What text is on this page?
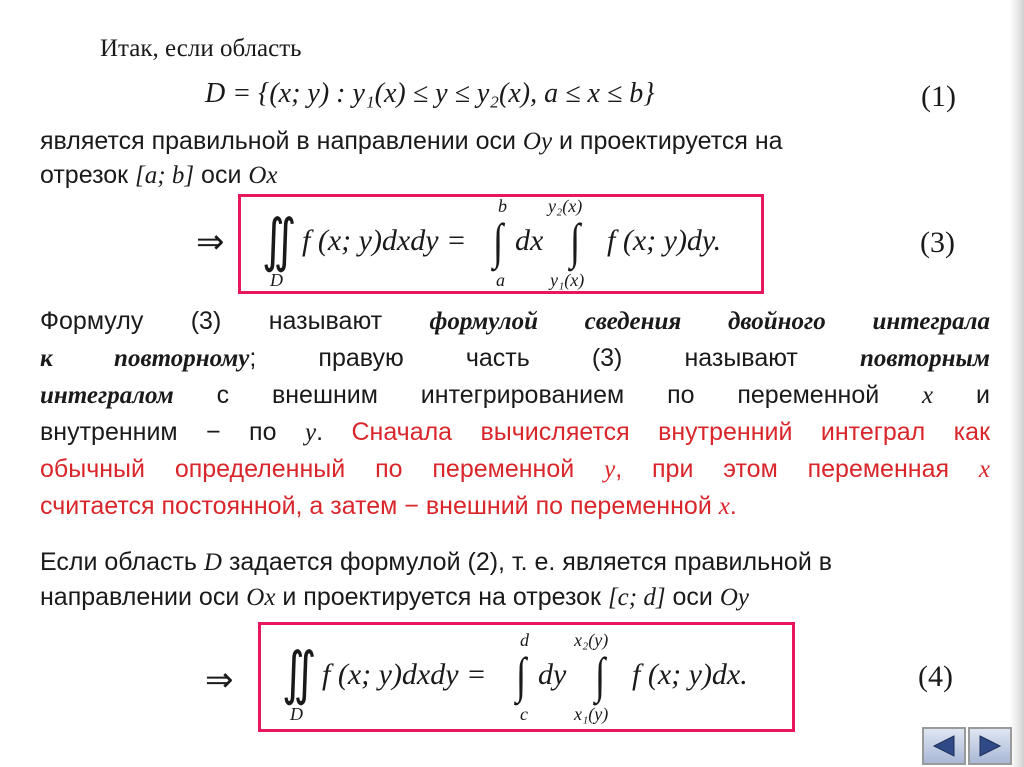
Итак, если область
D = {(x; y) : y₁(x) ≤ y ≤ y₂(x), a ≤ x ≤ b}	(1)
является правильной в направлении оси Oy и проектируется на
отрезок [a; b] оси Ox
⇒ ∬
D
f (x; y)dxdy =
b
∫
a
dx
y₂(x)
∫
y₁(x)
f (x; y)dy.	(3)
Формулу (3) называют формулой сведения двойного интеграла
к повторному; правую часть (3) называют повторным
интегралом с внешним интегрированием по переменной x и
внутренним − по y. Сначала вычисляется внутренний интеграл как
обычный определенный по переменной y, при этом переменная x
считается постоянной, а затем − внешний по переменной x.
Если область D задается формулой (2), т. е. является правильной в
направлении оси Ox и проектируется на отрезок [c; d] оси Oy
⇒ ∬
D
f (x; y)dxdy =
d
∫
c
dy
x₂(y)
∫
x₁(y)
f (x; y)dx.	(4)
